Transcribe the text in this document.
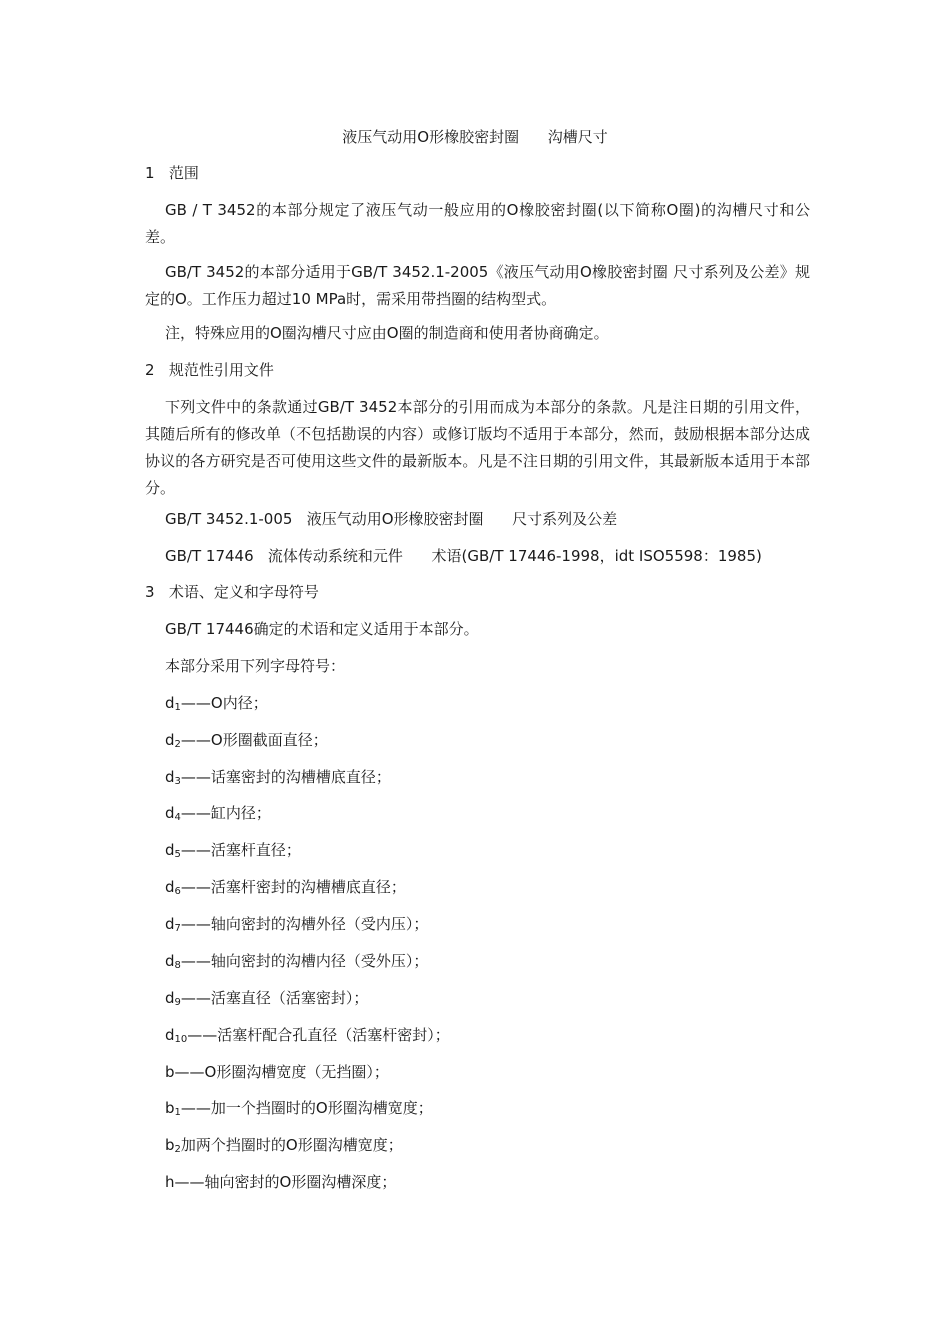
液压气动用O形橡胶密封圈      沟槽尺寸
1   范围
GB / T 3452的本部分规定了液压气动一般应用的O橡胶密封圈(以下简称O圈)的沟槽尺寸和公差。
GB/T 3452的本部分适用于GB/T 3452.1-2005《液压气动用O橡胶密封圈 尺寸系列及公差》规定的O。工作压力超过10 MPa时，需采用带挡圈的结构型式。
注，特殊应用的O圈沟槽尺寸应由O圈的制造商和使用者协商确定。
2   规范性引用文件
下列文件中的条款通过GB/T 3452本部分的引用而成为本部分的条款。凡是注日期的引用文件，其随后所有的修改单（不包括勘误的内容）或修订版均不适用于本部分，然而，鼓励根据本部分达成协议的各方研究是否可使用这些文件的最新版本。凡是不注日期的引用文件，其最新版本适用于本部分。
GB/T 3452.1-005   液压气动用O形橡胶密封圈      尺寸系列及公差
GB/T 17446   流体传动系统和元件      术语(GB/T 17446-1998，idt ISO5598：1985)
3   术语、定义和字母符号
GB/T 17446确定的术语和定义适用于本部分。
本部分采用下列字母符号：
$d_1——O$内径；
$d_2——O$形圈截面直径；
$d_3——$话塞密封的沟槽槽底直径；
$d_4——$缸内径；
$d_5——$活塞杆直径；
$d_6——$活塞杆密封的沟槽槽底直径；
$d_7——$轴向密封的沟槽外径（受内压）；
$d_8——$轴向密封的沟槽内径（受外压）；
$d_9——$活塞直径（活塞密封）；
$d_{10}——$活塞杆配合孔直径（活塞杆密封）；
b——O形圈沟槽宽度（无挡圈）；
$b_1——$加一个挡圈时的O形圈沟槽宽度；
$b_2$加两个挡圈时的O形圈沟槽宽度；
h——轴向密封的O形圈沟槽深度；
